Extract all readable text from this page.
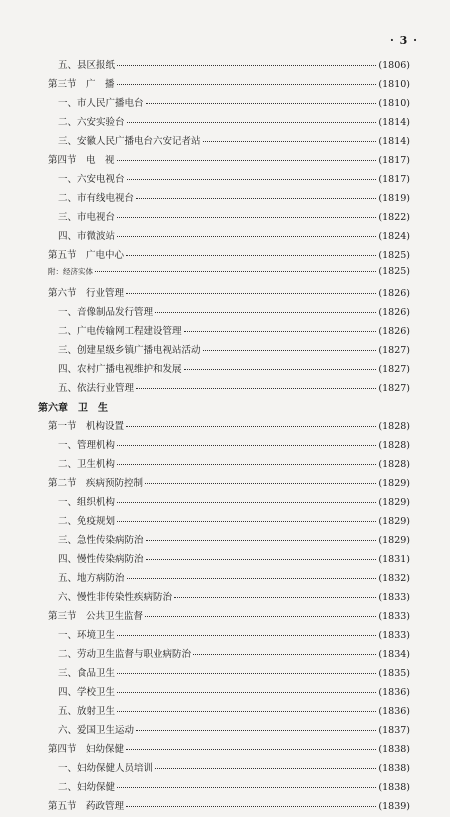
· 3 ·
五、县区报纸	(1806)
第三节　广　播	(1810)
一、市人民广播电台	(1810)
二、六安实验台	(1814)
三、安徽人民广播电台六安记者站	(1814)
第四节　电　视	(1817)
一、六安电视台	(1817)
二、市有线电视台	(1819)
三、市电视台	(1822)
四、市微波站	(1824)
第五节　广电中心	(1825)
附：经济实体	(1825)
第六节　行业管理	(1826)
一、音像制品发行管理	(1826)
二、广电传输网工程建设管理	(1826)
三、创建星级乡镇广播电视站活动	(1827)
四、农村广播电视维护和发展	(1827)
五、依法行业管理	(1827)
第六章　卫　生
第一节　机构设置	(1828)
一、管理机构	(1828)
二、卫生机构	(1828)
第二节　疾病预防控制	(1829)
一、组织机构	(1829)
二、免疫规划	(1829)
三、急性传染病防治	(1829)
四、慢性传染病防治	(1831)
五、地方病防治	(1832)
六、慢性非传染性疾病防治	(1833)
第三节　公共卫生监督	(1833)
一、环境卫生	(1833)
二、劳动卫生监督与职业病防治	(1834)
三、食品卫生	(1835)
四、学校卫生	(1836)
五、放射卫生	(1836)
六、爱国卫生运动	(1837)
第四节　妇幼保健	(1838)
一、妇幼保健人员培训	(1838)
二、妇幼保健	(1838)
第五节　药政管理	(1839)
